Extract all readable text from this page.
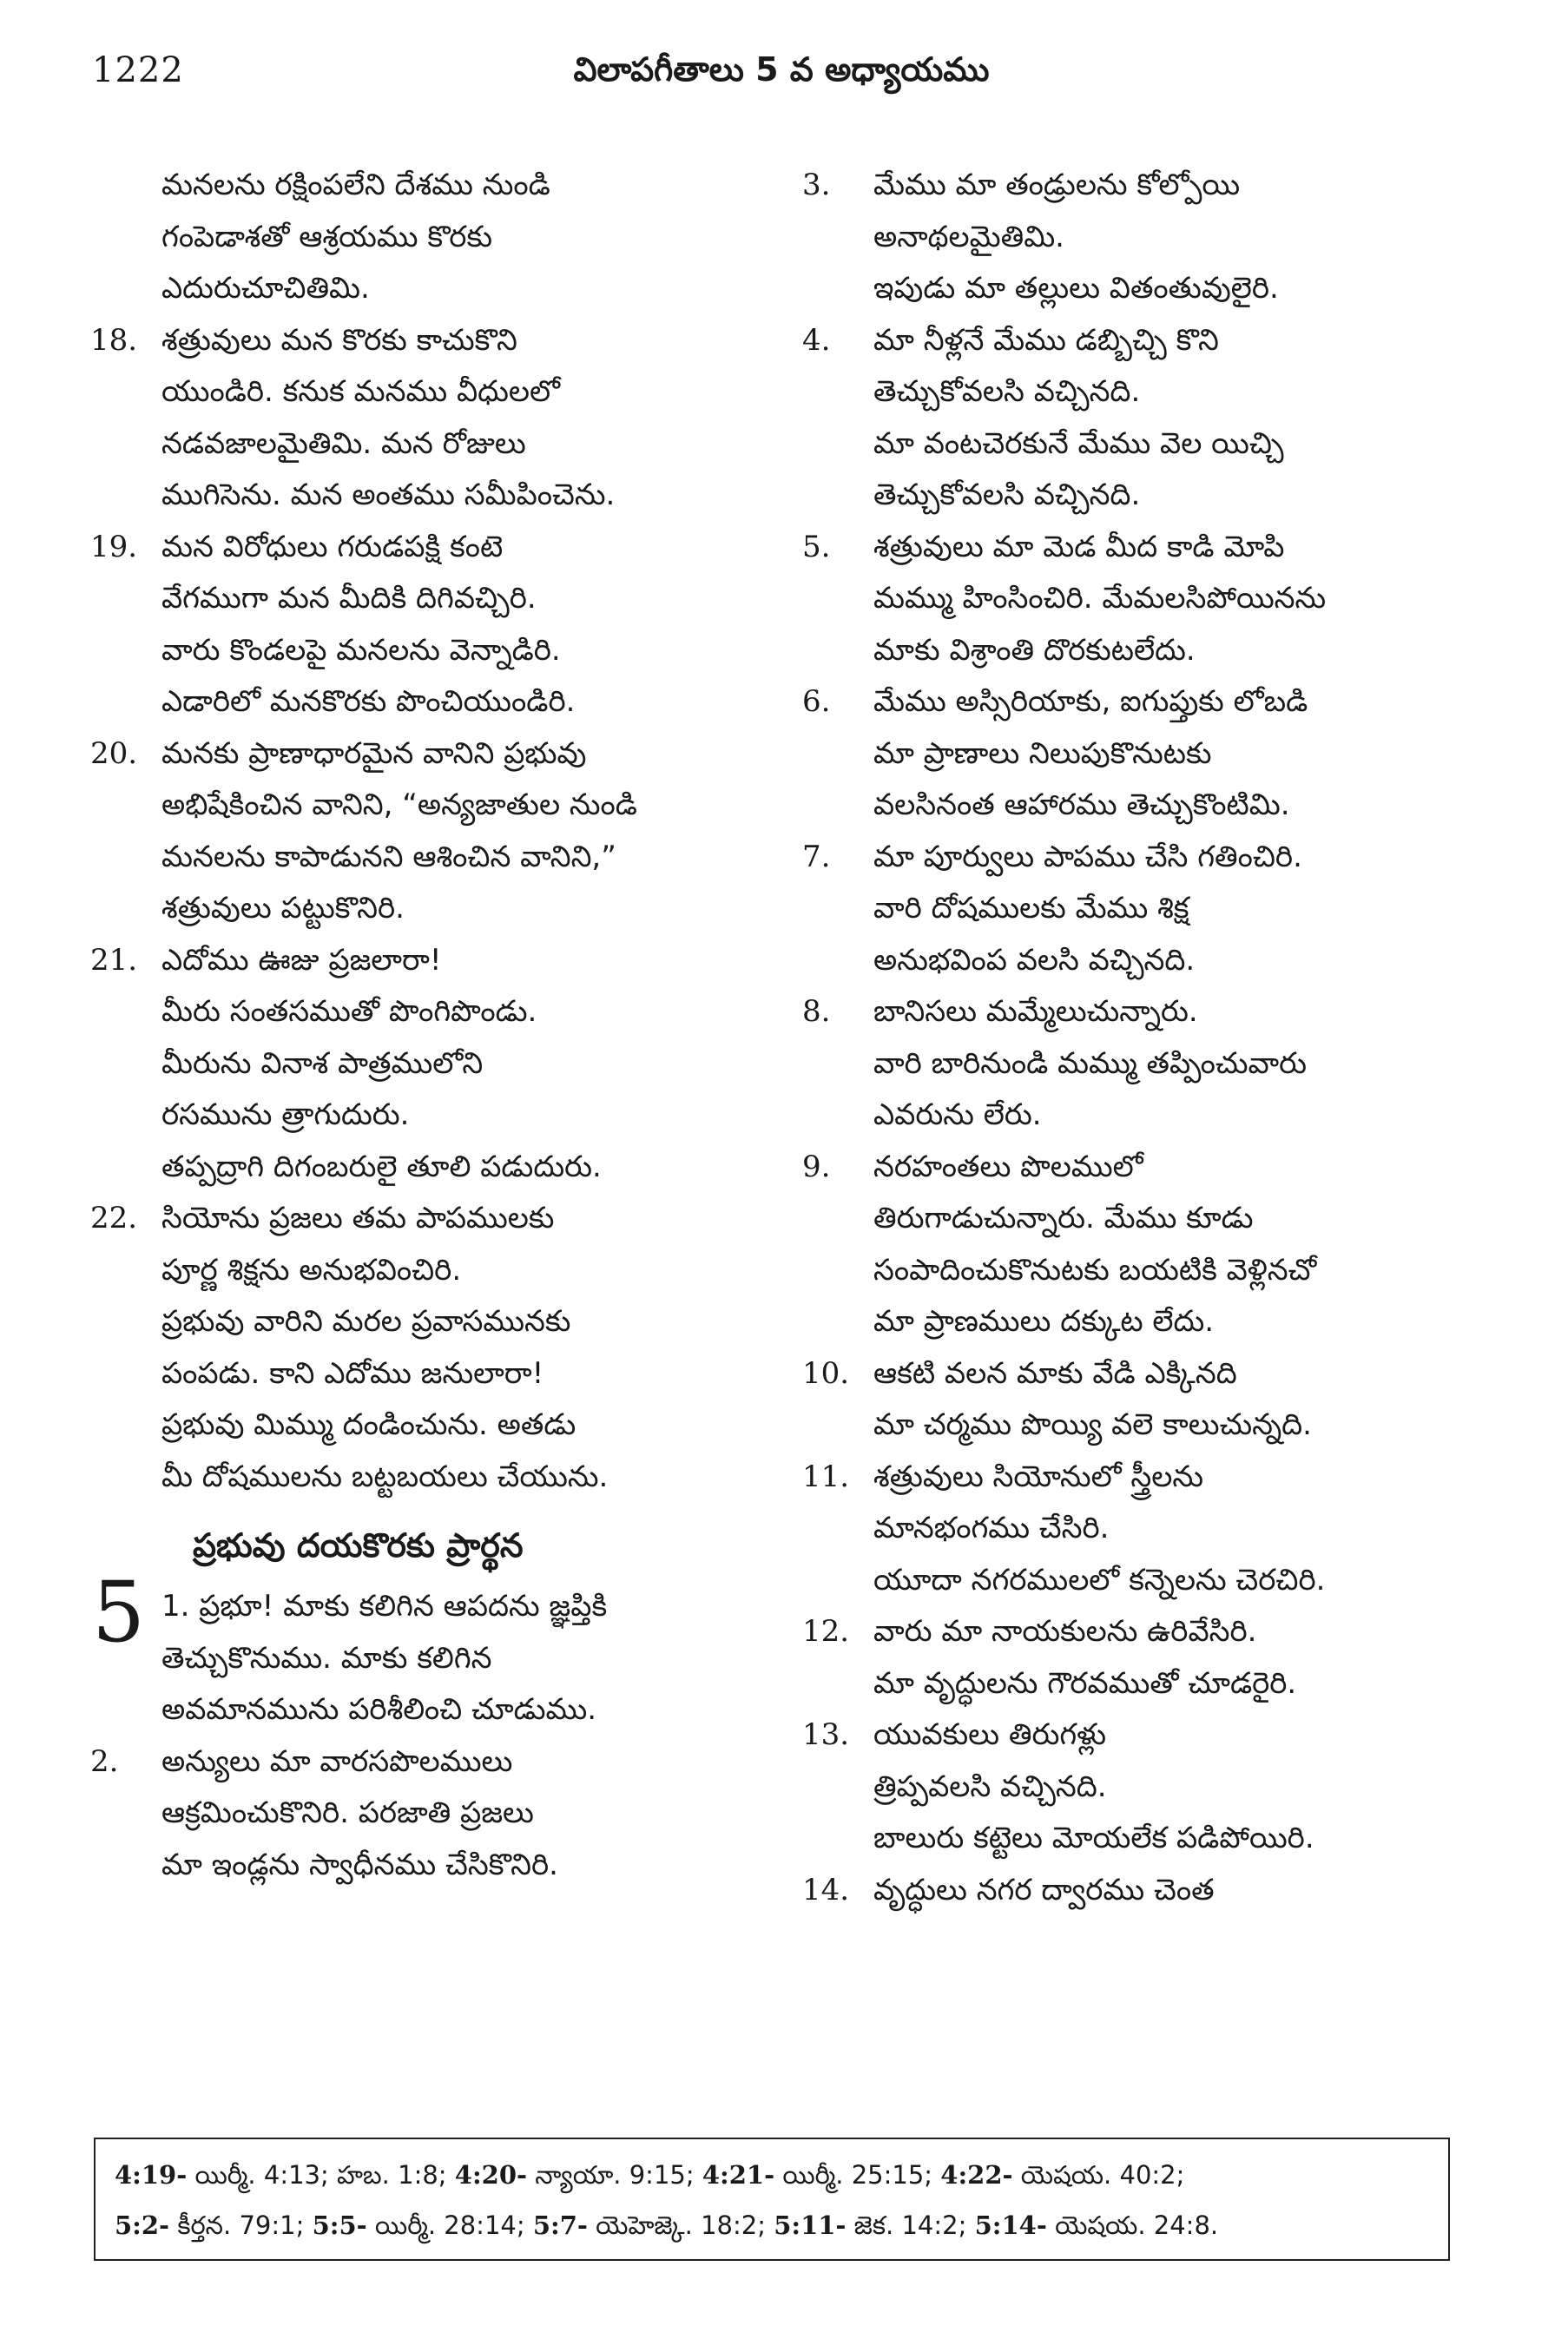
1222	విలాపగీతాలు 5 వ అధ్యాయము
మనలను రక్షింపలేని దేశము నుండి
గంపెడాశతో ఆశ్రయము కొరకు
ఎదురుచూచితిమి.
18. శత్రువులు మన కొరకు కాచుకొని
యుండిరి. కనుక మనము వీధులలో
నడవజాలమైతిమి. మన రోజులు
ముగిసెను. మన అంతము సమీపించెను.
19. మన విరోధులు గరుడపక్షి కంటె
వేగముగా మన మీదికి దిగివచ్చిరి.
వారు కొండలపై మనలను వెన్నాడిరి.
ఎడారిలో మనకొరకు పొంచియుండిరి.
20. మనకు ప్రాణాధారమైన వానిని ప్రభువు
అభిషేకించిన వానిని, “అన్యజాతుల నుండి
మనలను కాపాడునని ఆశించిన వానిని,”
శత్రువులు పట్టుకొనిరి.
21. ఎదోము ఊజు ప్రజలారా!
మీరు సంతసముతో పొంగిపొండు.
మీరును వినాశ పాత్రములోని
రసమును త్రాగుదురు.
తప్పద్రాగి దిగంబరులై తూలి పడుదురు.
22. సియోను ప్రజలు తమ పాపములకు
పూర్ణ శిక్షను అనుభవించిరి.
ప్రభువు వారిని మరల ప్రవాసమునకు
పంపడు. కాని ఎదోము జనులారా!
ప్రభువు మిమ్ము దండించును. అతడు
మీ దోషములను బట్టబయలు చేయును.
ప్రభువు దయకొరకు ప్రార్థన
5 1. ప్రభూ! మాకు కలిగిన ఆపదను జ్ఞప్తికి
తెచ్చుకొనుము. మాకు కలిగిన
అవమానమును పరిశీలించి చూడుము.
2. అన్యులు మా వారసపొలములు
ఆక్రమించుకొనిరి. పరజాతి ప్రజలు
మా ఇండ్లను స్వాధీనము చేసికొనిరి.
3. మేము మా తండ్రులను కోల్పోయి
అనాథలమైతిమి.
ఇపుడు మా తల్లులు వితంతువులైరి.
4. మా నీళ్లనే మేము డబ్బిచ్చి కొని
తెచ్చుకోవలసి వచ్చినది.
మా వంటచెరకునే మేము వెల యిచ్చి
తెచ్చుకోవలసి వచ్చినది.
5. శత్రువులు మా మెడ మీద కాడి మోపి
మమ్ము హింసించిరి. మేమలసిపోయినను
మాకు విశ్రాంతి దొరకుటలేదు.
6. మేము అస్సిరియాకు, ఐగుప్తుకు లోబడి
మా ప్రాణాలు నిలుపుకొనుటకు
వలసినంత ఆహారము తెచ్చుకొంటిమి.
7. మా పూర్వులు పాపము చేసి గతించిరి.
వారి దోషములకు మేము శిక్ష
అనుభవింప వలసి వచ్చినది.
8. బానిసలు మమ్మేలుచున్నారు.
వారి బారినుండి మమ్ము తప్పించువారు
ఎవరును లేరు.
9. నరహంతలు పొలములో
తిరుగాడుచున్నారు. మేము కూడు
సంపాదించుకొనుటకు బయటికి వెళ్లినచో
మా ప్రాణములు దక్కుట లేదు.
10. ఆకటి వలన మాకు వేడి ఎక్కినది
మా చర్మము పొయ్యి వలె కాలుచున్నది.
11. శత్రువులు సియోనులో స్త్రీలను
మానభంగము చేసిరి.
యూదా నగరములలో కన్నెలను చెరచిరి.
12. వారు మా నాయకులను ఉరివేసిరి.
మా వృద్ధులను గౌరవముతో చూడరైరి.
13. యువకులు తిరుగళ్లు
త్రిప్పవలసి వచ్చినది.
బాలురు కట్టెలు మోయలేక పడిపోయిరి.
14. వృద్ధులు నగర ద్వారము చెంత
4:19- యిర్మీ. 4:13; హబ. 1:8; 4:20- న్యాయా. 9:15; 4:21- యిర్మీ. 25:15; 4:22- యెషయ. 40:2;
5:2- కీర్తన. 79:1; 5:5- యిర్మీ. 28:14; 5:7- యెహెజ్కె. 18:2; 5:11- జెక. 14:2; 5:14- యెషయ. 24:8.
